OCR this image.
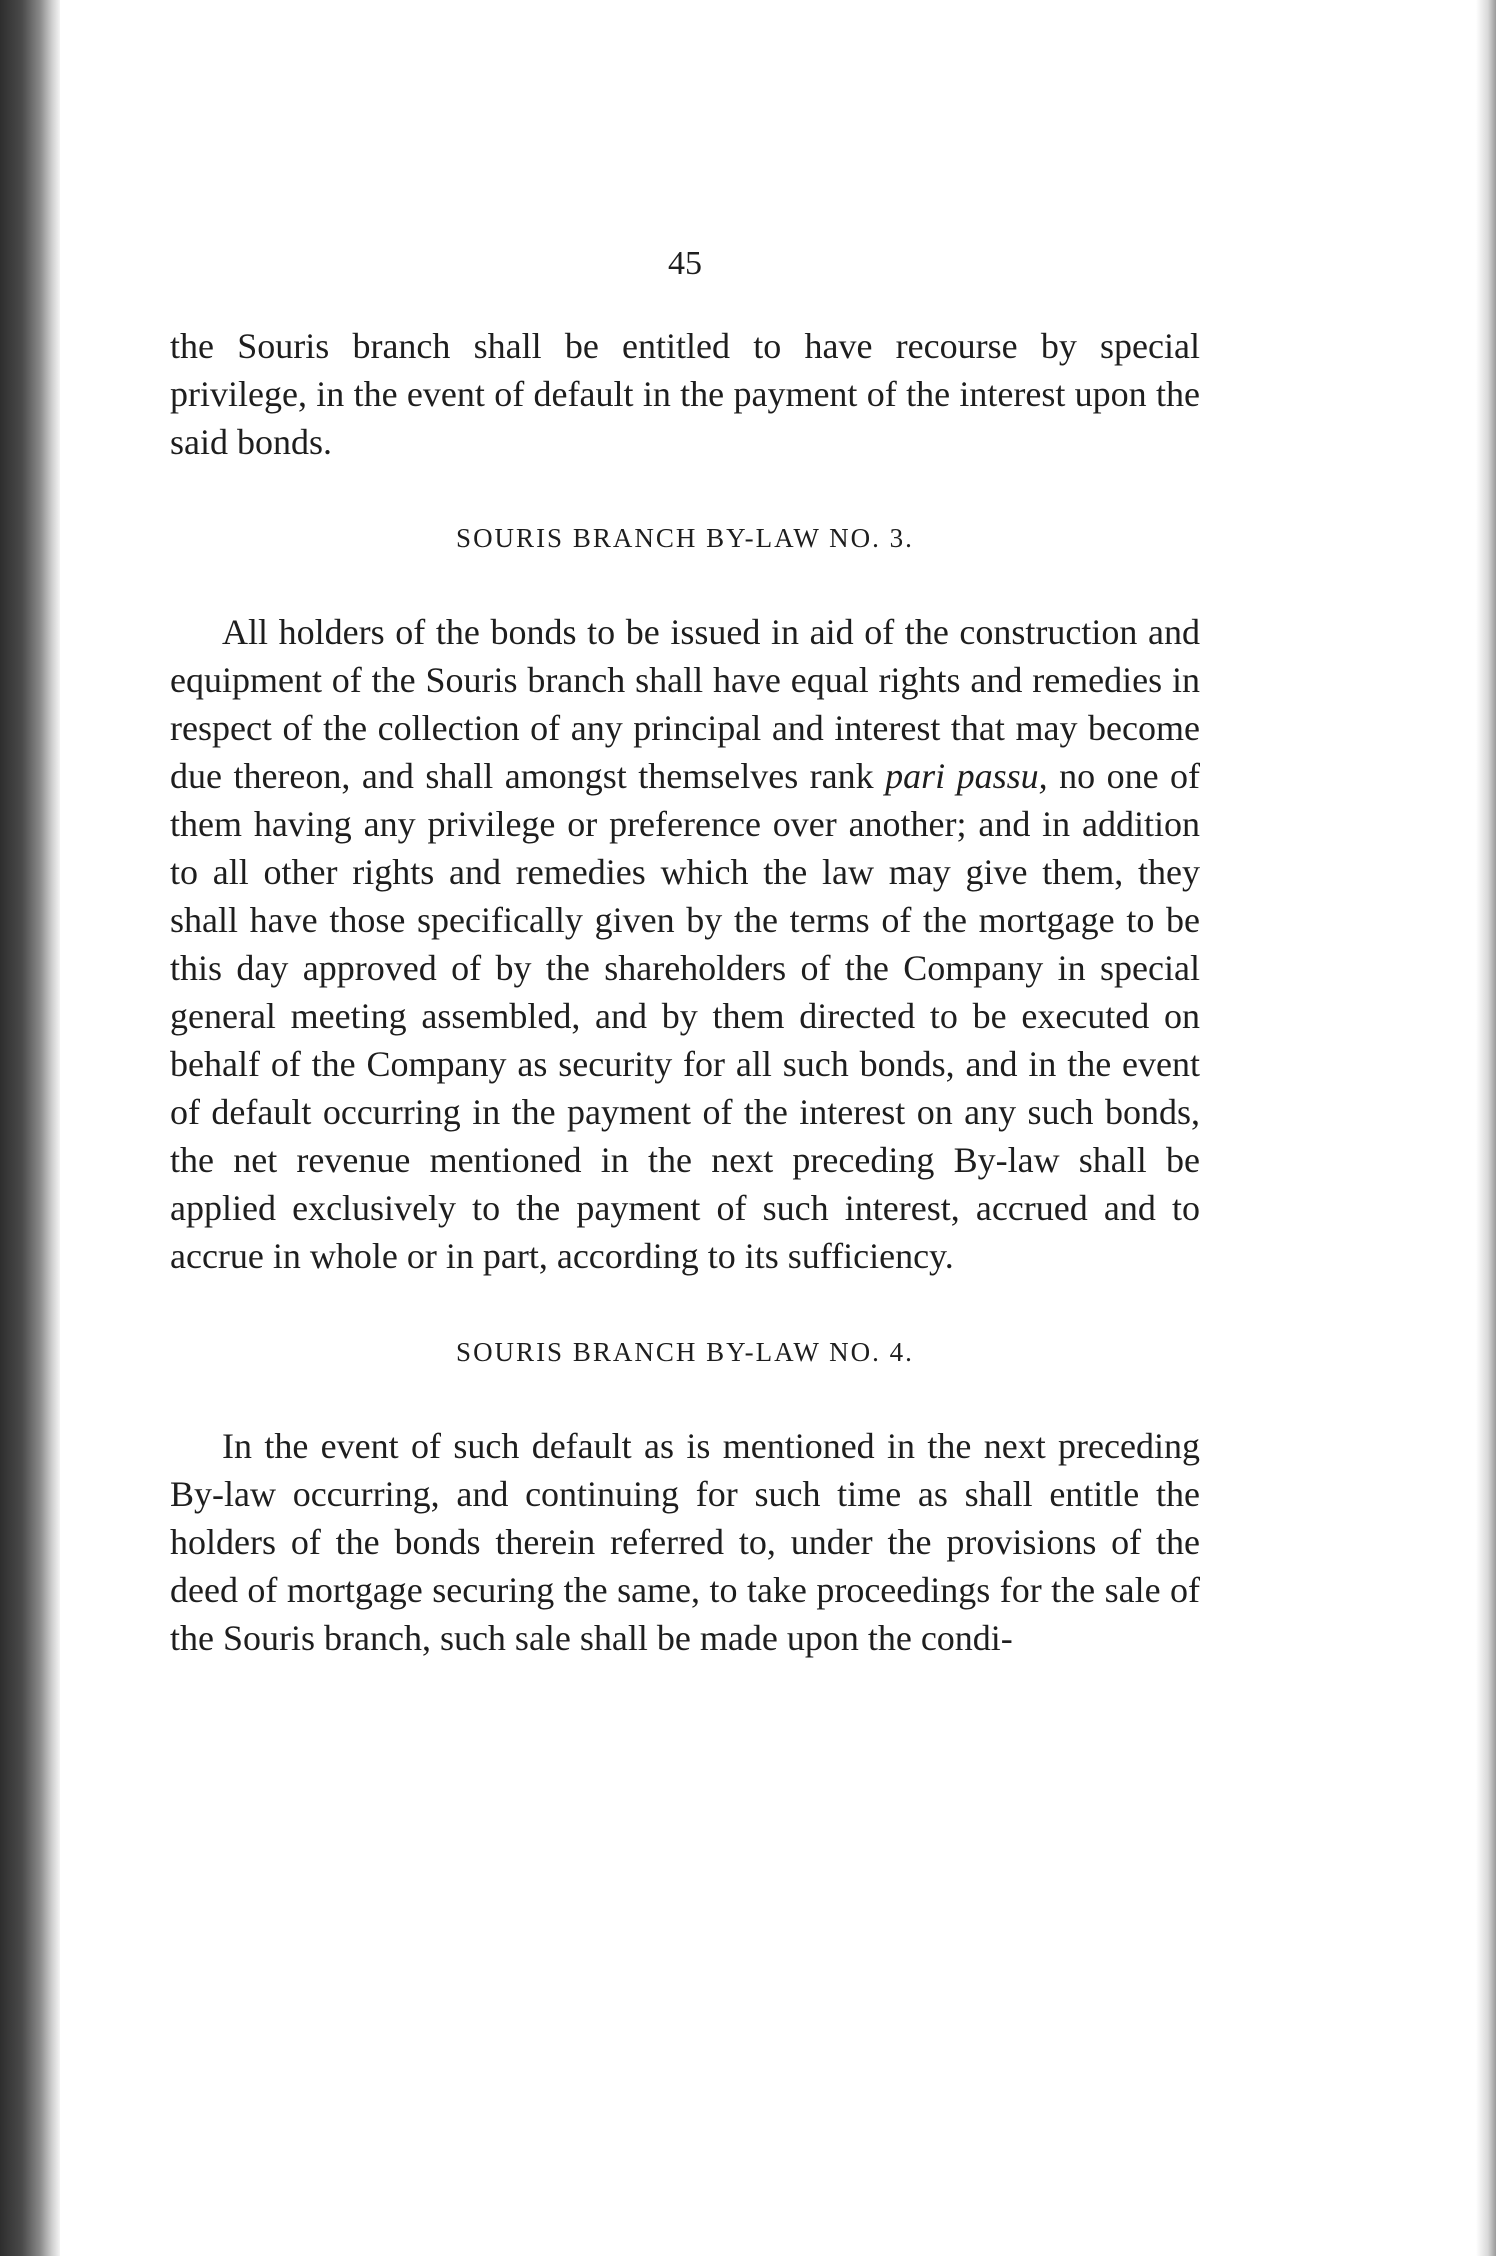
45

the Souris branch shall be entitled to have recourse by special privilege, in the event of default in the payment of the interest upon the said bonds.

SOURIS BRANCH BY-LAW NO. 3.

All holders of the bonds to be issued in aid of the construction and equipment of the Souris branch shall have equal rights and remedies in respect of the collection of any principal and interest that may become due thereon, and shall amongst themselves rank pari passu, no one of them having any privilege or preference over another; and in addition to all other rights and remedies which the law may give them, they shall have those specifically given by the terms of the mortgage to be this day approved of by the shareholders of the Company in special general meeting assembled, and by them directed to be executed on behalf of the Company as security for all such bonds, and in the event of default occurring in the payment of the interest on any such bonds, the net revenue mentioned in the next preceding By-law shall be applied exclusively to the payment of such interest, accrued and to accrue in whole or in part, according to its sufficiency.

SOURIS BRANCH BY-LAW NO. 4.

In the event of such default as is mentioned in the next preceding By-law occurring, and continuing for such time as shall entitle the holders of the bonds therein referred to, under the provisions of the deed of mortgage securing the same, to take proceedings for the sale of the Souris branch, such sale shall be made upon the condi-
